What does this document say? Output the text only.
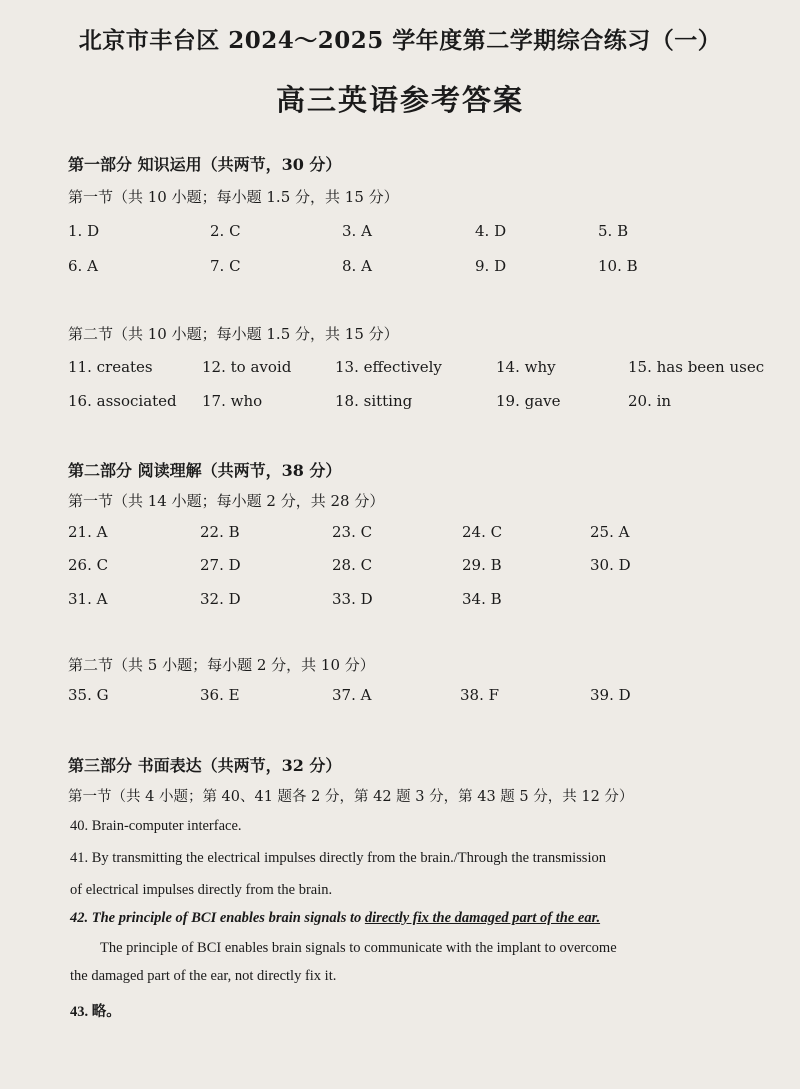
北京市丰台区 2024～2025 学年度第二学期综合练习（一）
高三英语参考答案
第一部分 知识运用（共两节，30 分）
第一节（共 10 小题；每小题 1.5 分，共 15 分）
1. D	2. C	3. A	4. D	5. B
6. A	7. C	8. A	9. D	10. B
第二节（共 10 小题；每小题 1.5 分，共 15 分）
11. creates	12. to avoid	13. effectively	14. why	15. has been usec
16. associated 17. who	18. sitting	19. gave	20. in
第二部分 阅读理解（共两节，38 分）
第一节（共 14 小题；每小题 2 分，共 28 分）
21. A	22. B	23. C	24. C	25. A
26. C	27. D	28. C	29. B	30. D
31. A	32. D	33. D	34. B
第二节（共 5 小题；每小题 2 分，共 10 分）
35. G	36. E	37. A	38. F	39. D
第三部分 书面表达（共两节，32 分）
第一节（共 4 小题；第 40、41 题各 2 分，第 42 题 3 分，第 43 题 5 分，共 12 分）
40. Brain-computer interface.
41. By transmitting the electrical impulses directly from the brain./Through the transmission
of electrical impulses directly from the brain.
42. The principle of BCI enables brain signals to directly fix the damaged part of the ear.
The principle of BCI enables brain signals to communicate with the implant to overcome
the damaged part of the ear, not directly fix it.
43. 略。
